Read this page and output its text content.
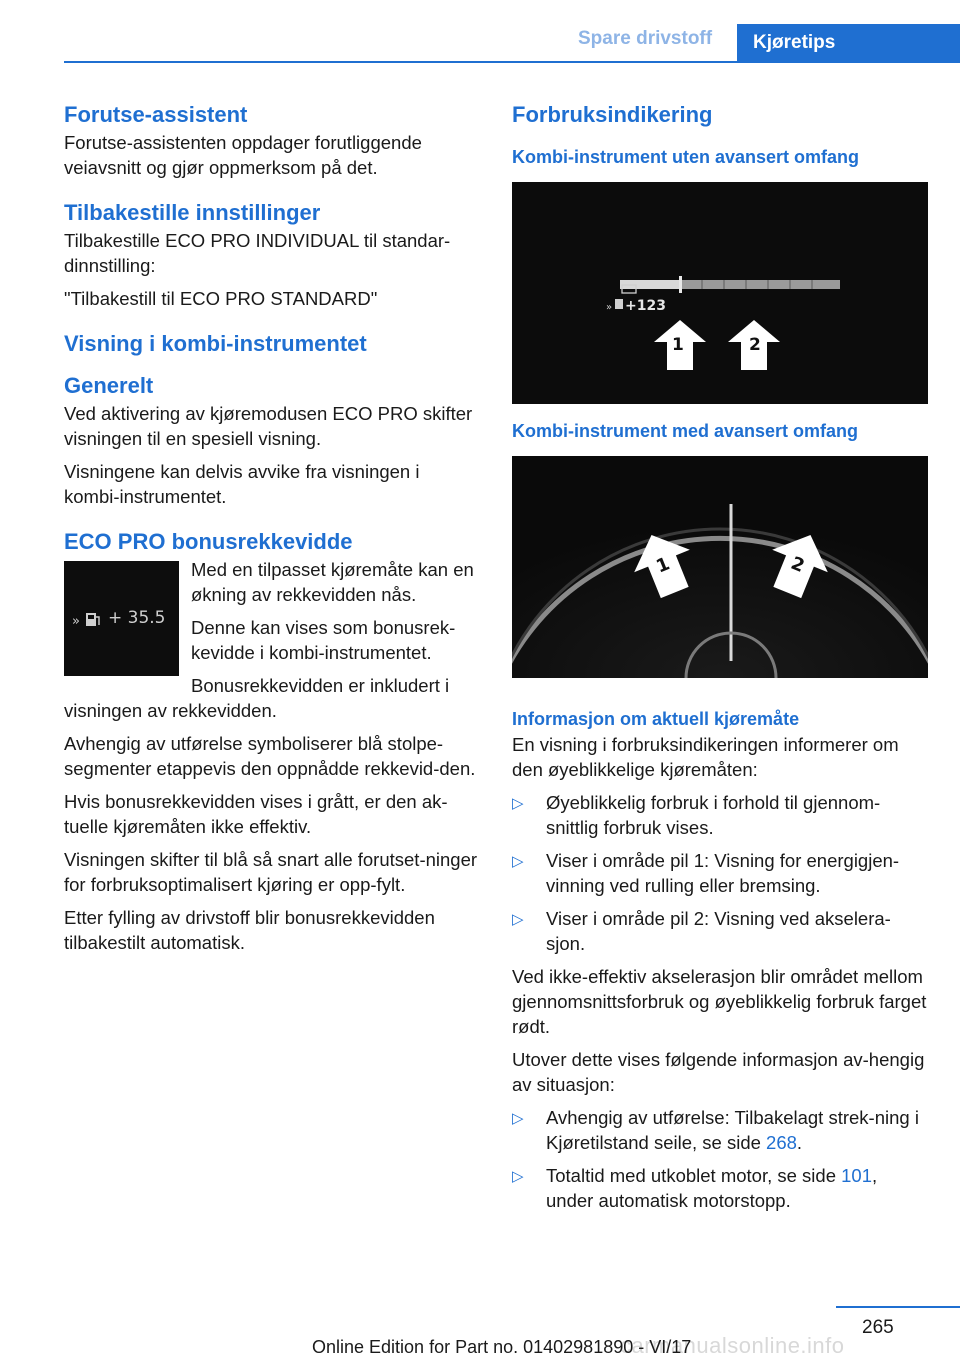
Spare drivstoff	Kjøretips
Forutse-assistent

Forutse-assistenten oppdager forutliggende veiavsnitt og gjør oppmerksom på det.

Tilbakestille innstillinger

Tilbakestille ECO PRO INDIVIDUAL til standar-dinnstilling:

"Tilbakestill til ECO PRO STANDARD"

Visning i kombi-instrumentet
Generelt

Ved aktivering av kjøremodusen ECO PRO skifter visningen til en spesiell visning.

Visningene kan delvis avvike fra visningen i kombi-instrumentet.

ECO PRO bonusrekkevidde
» + 35.5

Med en tilpasset kjøremåte kan en økning av rekkevidden nås.

Denne kan vises som bonusrek-kevidde i kombi-instrumentet.

Bonusrekkevidden er inkludert i visningen av rekkevidden.

Avhengig av utførelse symboliserer blå stolpe-segmenter etappevis den oppnådde rekkevid-den.

Hvis bonusrekkevidden vises i grått, er den ak-tuelle kjøremåten ikke effektiv.

Visningen skifter til blå så snart alle forutset-ninger for forbruksoptimalisert kjøring er opp-fylt.

Etter fylling av drivstoff blir bonusrekkevidden tilbakestilt automatisk.

Forbruksindikering
Kombi-instrument uten avansert omfang
» +123
1	2
Kombi-instrument med avansert omfang
1	2
Informasjon om aktuell kjøremåte

En visning i forbruksindikeringen informerer om den øyeblikkelige kjøremåten:

▷ Øyeblikkelig forbruk i forhold til gjennom-snittlig forbruk vises.
▷ Viser i område pil 1: Visning for energigjen-vinning ved rulling eller bremsing.
▷ Viser i område pil 2: Visning ved akselera-sjon.

Ved ikke-effektiv akselerasjon blir området mellom gjennomsnittsforbruk og øyeblikkelig forbruk farget rødt.

Utover dette vises følgende informasjon av-hengig av situasjon:

▷ Avhengig av utførelse: Tilbakelagt strek-ning i Kjøretilstand seile, se side 268.
▷ Totaltid med utkoblet motor, se side 101,
under automatisk motorstopp.
265
carmanualsonline.info
Online Edition for Part no. 01402981890 - VI/17
